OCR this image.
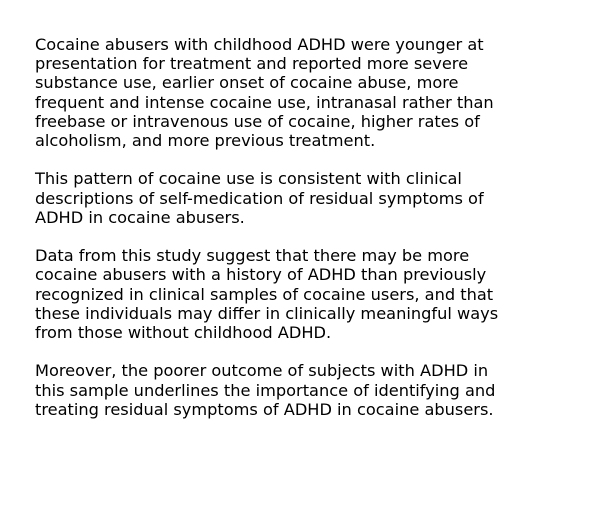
Cocaine abusers with childhood ADHD were younger at
presentation for treatment and reported more severe
substance use, earlier onset of cocaine abuse, more
frequent and intense cocaine use, intranasal rather than
freebase or intravenous use of cocaine, higher rates of
alcoholism, and more previous treatment.

This pattern of cocaine use is consistent with clinical
descriptions of self-medication of residual symptoms of
ADHD in cocaine abusers.

Data from this study suggest that there may be more
cocaine abusers with a history of ADHD than previously
recognized in clinical samples of cocaine users, and that
these individuals may differ in clinically meaningful ways
from those without childhood ADHD.

Moreover, the poorer outcome of subjects with ADHD in
this sample underlines the importance of identifying and
treating residual symptoms of ADHD in cocaine abusers.
